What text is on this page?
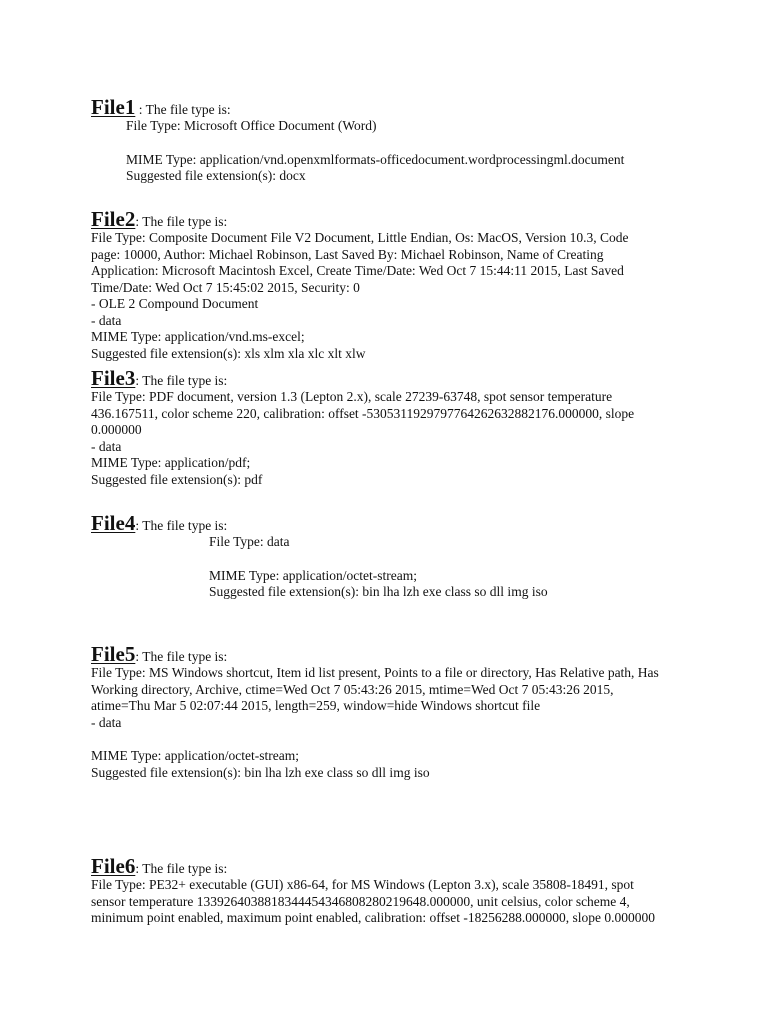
File1 : The file type is:
File Type: Microsoft Office Document (Word)
MIME Type: application/vnd.openxmlformats-officedocument.wordprocessingml.document
Suggested file extension(s): docx
File2: The file type is:
File Type: Composite Document File V2 Document, Little Endian, Os: MacOS, Version 10.3, Code
page: 10000, Author: Michael Robinson, Last Saved By: Michael Robinson, Name of Creating
Application: Microsoft Macintosh Excel, Create Time/Date: Wed Oct 7 15:44:11 2015, Last Saved
Time/Date: Wed Oct 7 15:45:02 2015, Security: 0
- OLE 2 Compound Document
- data
MIME Type: application/vnd.ms-excel;
Suggested file extension(s): xls xlm xla xlc xlt xlw
File3: The file type is:
File Type: PDF document, version 1.3 (Lepton 2.x), scale 27239-63748, spot sensor temperature
436.167511, color scheme 220, calibration: offset -5305311929797764262632882176.000000, slope
0.000000
- data
MIME Type: application/pdf;
Suggested file extension(s): pdf
File4: The file type is:
File Type: data
MIME Type: application/octet-stream;
Suggested file extension(s): bin lha lzh exe class so dll img iso
File5: The file type is:
File Type: MS Windows shortcut, Item id list present, Points to a file or directory, Has Relative path, Has
Working directory, Archive, ctime=Wed Oct 7 05:43:26 2015, mtime=Wed Oct 7 05:43:26 2015,
atime=Thu Mar 5 02:07:44 2015, length=259, window=hide Windows shortcut file
- data
MIME Type: application/octet-stream;
Suggested file extension(s): bin lha lzh exe class so dll img iso
File6: The file type is:
File Type: PE32+ executable (GUI) x86-64, for MS Windows (Lepton 3.x), scale 35808-18491, spot
sensor temperature 13392640388183444543468082802196​48.000000, unit celsius, color scheme 4,
minimum point enabled, maximum point enabled, calibration: offset -18256288.000000, slope 0.000000
